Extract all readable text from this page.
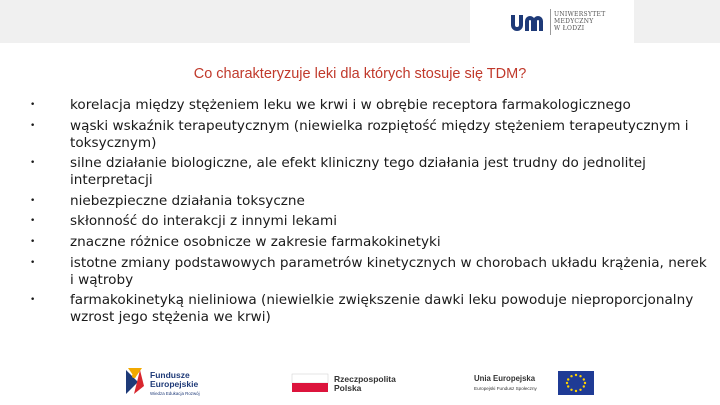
UNIWERSYTET
MEDYCZNY
W ŁODZI
Co charakteryzuje leki dla których stosuje się TDM?
•	korelacja między stężeniem leku we krwi i w obrębie receptora farmakologicznego
•	wąski wskaźnik terapeutycznym (niewielka rozpiętość między stężeniem terapeutycznym i toksycznym)
•	silne działanie biologiczne, ale efekt kliniczny tego działania jest trudny do jednolitej interpretacji
•	niebezpieczne działania toksyczne
•	skłonność do interakcji z innymi lekami
•	znaczne różnice osobnicze w zakresie farmakokinetyki
•	istotne zmiany podstawowych parametrów kinetycznych w chorobach układu krążenia, nerek i wątroby
•	farmakokinetyką nieliniowa (niewielkie zwiększenie dawki leku powoduje nieproporcjonalny wzrost jego stężenia we krwi)
Fundusze
Europejskie
Wiedza Edukacja Rozwój
Rzeczpospolita
Polska
Unia Europejska
Europejski Fundusz Społeczny
